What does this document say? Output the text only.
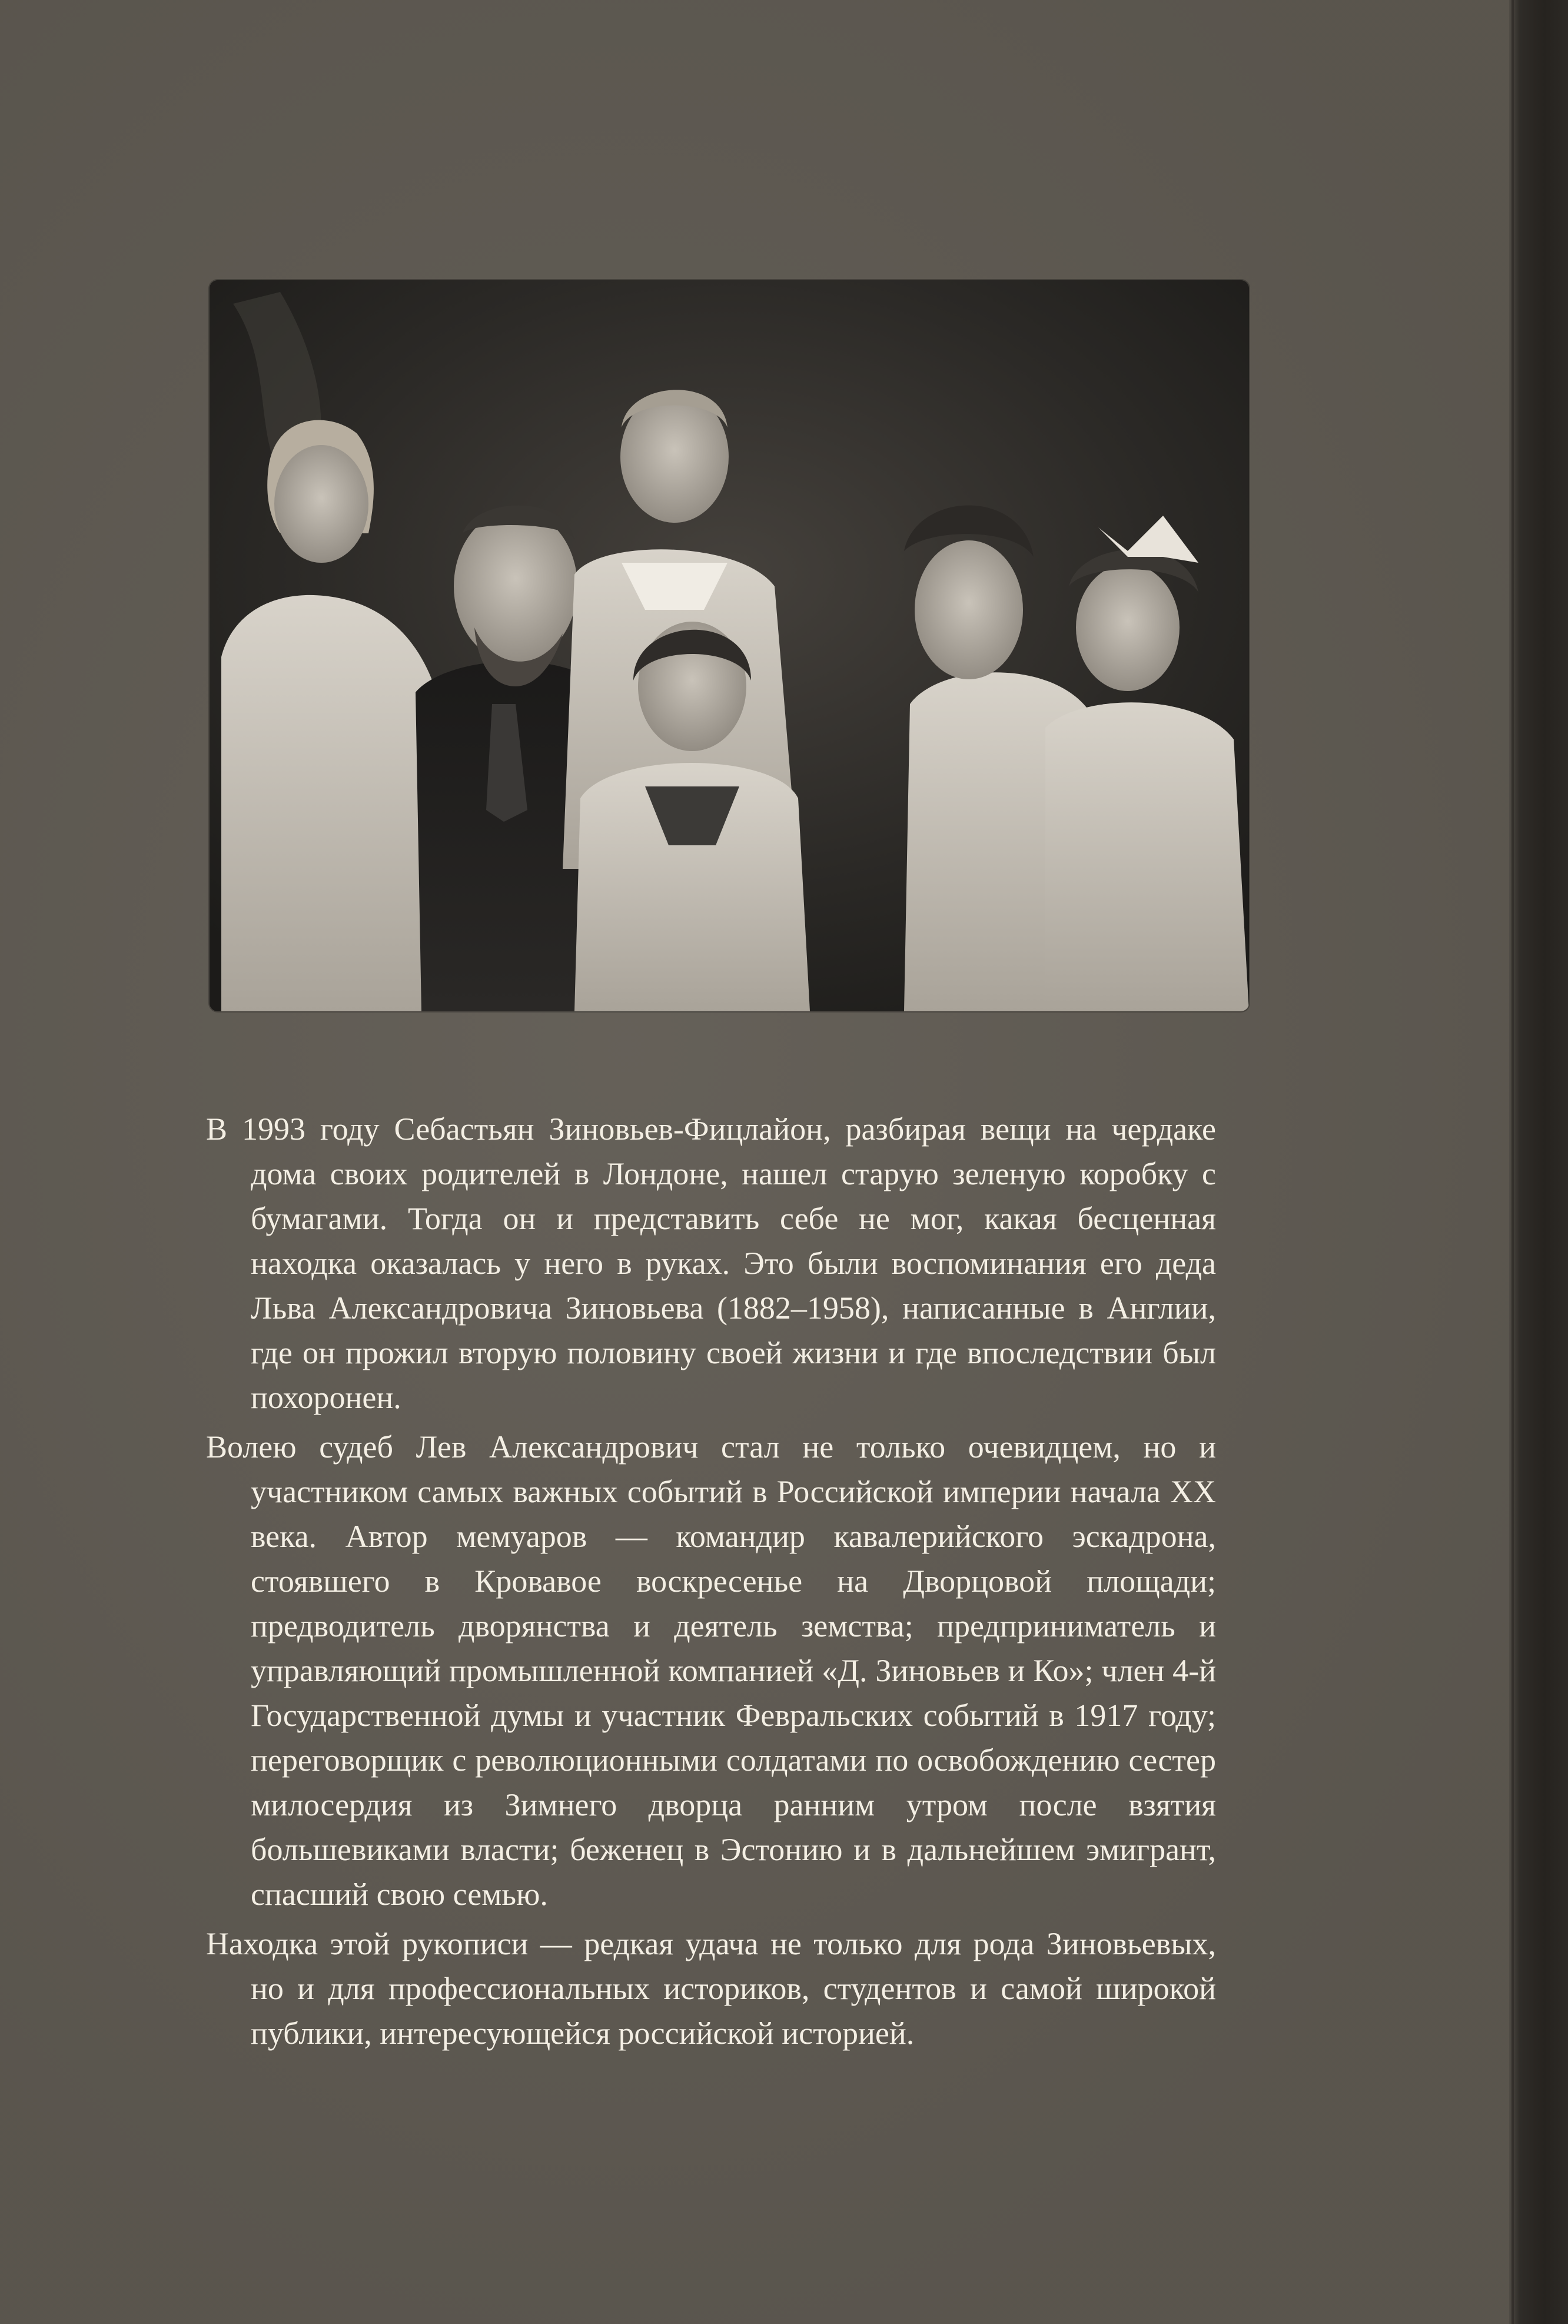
В 1993 году Себастьян Зиновьев-Фицлайон, разбирая вещи на чердаке дома своих родителей в Лондоне, нашел старую зеленую коробку с бумагами. Тогда он и представить себе не мог, какая бесценная находка оказалась у него в руках. Это были воспоминания его деда Льва Александровича Зиновьева (1882–1958), написанные в Англии, где он прожил вторую половину своей жизни и где впоследствии был похоронен.

Волею судеб Лев Александрович стал не только очевидцем, но и участником самых важных событий в Российской империи начала XX века. Автор мемуаров — командир кавалерийского эскадрона, стоявшего в Кровавое воскресенье на Дворцовой площади; предводитель дворянства и деятель земства; предприниматель и управляющий промышленной компанией «Д. Зиновьев и Ко»; член 4-й Государственной думы и участник Февральских событий в 1917 году; переговорщик с революционными солдатами по освобождению сестер милосердия из Зимнего дворца ранним утром после взятия большевиками власти; беженец в Эстонию и в дальнейшем эмигрант, спасший свою семью.

Находка этой рукописи — редкая удача не только для рода Зиновьевых, но и для профессиональных историков, студентов и самой широкой публики, интересующейся российской историей.
